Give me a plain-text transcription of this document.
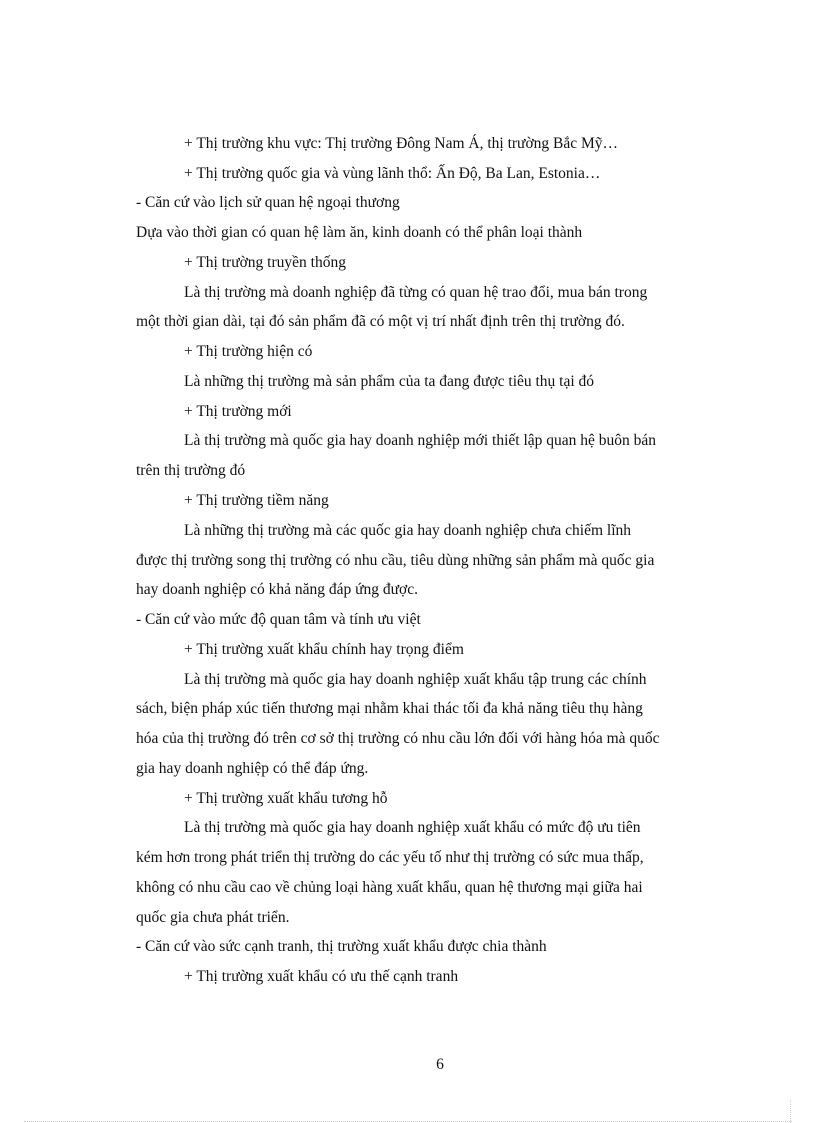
+ Thị trường khu vực: Thị trường Đông Nam Á, thị trường Bắc Mỹ…
+ Thị trường quốc gia và vùng lãnh thổ: Ấn Độ, Ba Lan, Estonia…
- Căn cứ vào lịch sử quan hệ ngoại thương
Dựa vào thời gian có quan hệ làm ăn, kinh doanh có thể phân loại thành
+ Thị trường truyền thống
Là thị trường mà doanh nghiệp đã từng có quan hệ trao đổi, mua bán trong
một thời gian dài, tại đó sản phẩm đã có một vị trí nhất định trên thị trường đó.
+ Thị trường hiện có
Là những thị trường mà sản phẩm của ta đang được tiêu thụ tại đó
+ Thị trường mới
Là thị trường mà quốc gia hay doanh nghiệp mới thiết lập quan hệ buôn bán
trên thị trường đó
+ Thị trường tiềm năng
Là những thị trường mà các quốc gia hay doanh nghiệp chưa chiếm lĩnh
được thị trường song thị trường có nhu cầu, tiêu dùng những sản phẩm mà quốc gia
hay doanh nghiệp có khả năng đáp ứng được.
- Căn cứ vào mức độ quan tâm và tính ưu việt
+ Thị trường xuất khẩu chính hay trọng điểm
Là thị trường mà quốc gia hay doanh nghiệp xuất khẩu tập trung các chính
sách, biện pháp xúc tiến thương mại nhằm khai thác tối đa khả năng tiêu thụ hàng
hóa của thị trường đó trên cơ sở thị trường có nhu cầu lớn đối với hàng hóa mà quốc
gia hay doanh nghiệp có thể đáp ứng.
+ Thị trường xuất khẩu tương hỗ
Là thị trường mà quốc gia hay doanh nghiệp xuất khẩu có mức độ ưu tiên
kém hơn trong phát triển thị trường do các yếu tố như thị trường có sức mua thấp,
không có nhu cầu cao về chủng loại hàng xuất khẩu, quan hệ thương mại giữa hai
quốc gia chưa phát triển.
- Căn cứ vào sức cạnh tranh, thị trường xuất khẩu được chia thành
+ Thị trường xuất khẩu có ưu thế cạnh tranh
6
